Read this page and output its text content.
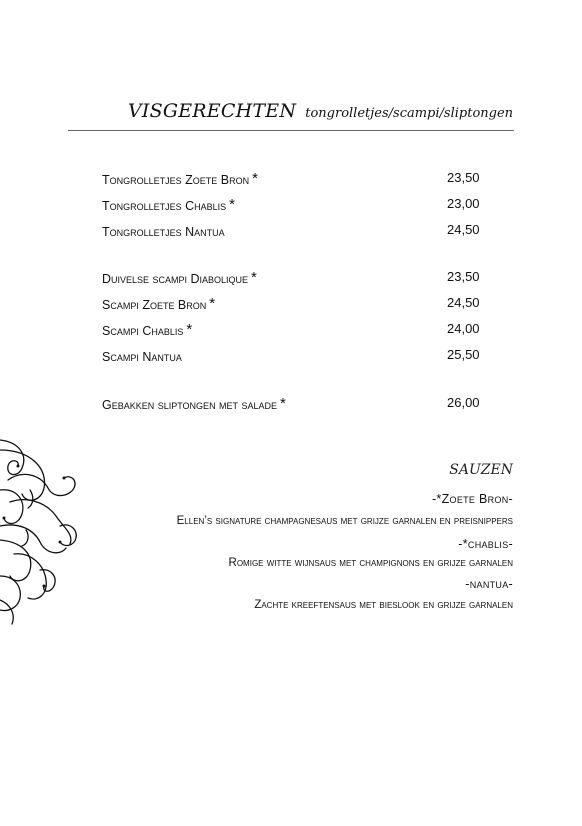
VISGERECHTEN tongrolletjes/scampi/sliptongen
Tongrolletjes Zoete Bron *	23,50
Tongrolletjes Chablis *	23,00
Tongrolletjes Nantua	24,50
Duivelse scampi Diabolique *	23,50
Scampi Zoete Bron *	24,50
Scampi Chablis *	24,00
Scampi Nantua	25,50
Gebakken sliptongen met salade *	26,00
SAUZEN
-*Zoete Bron-
Ellen’s signature champagnesaus met grijze garnalen en preisnippers
-*chablis-
Romige witte wijnsaus met champignons en grijze garnalen
-nantua-
Zachte kreeftensaus met bieslook en grijze garnalen
